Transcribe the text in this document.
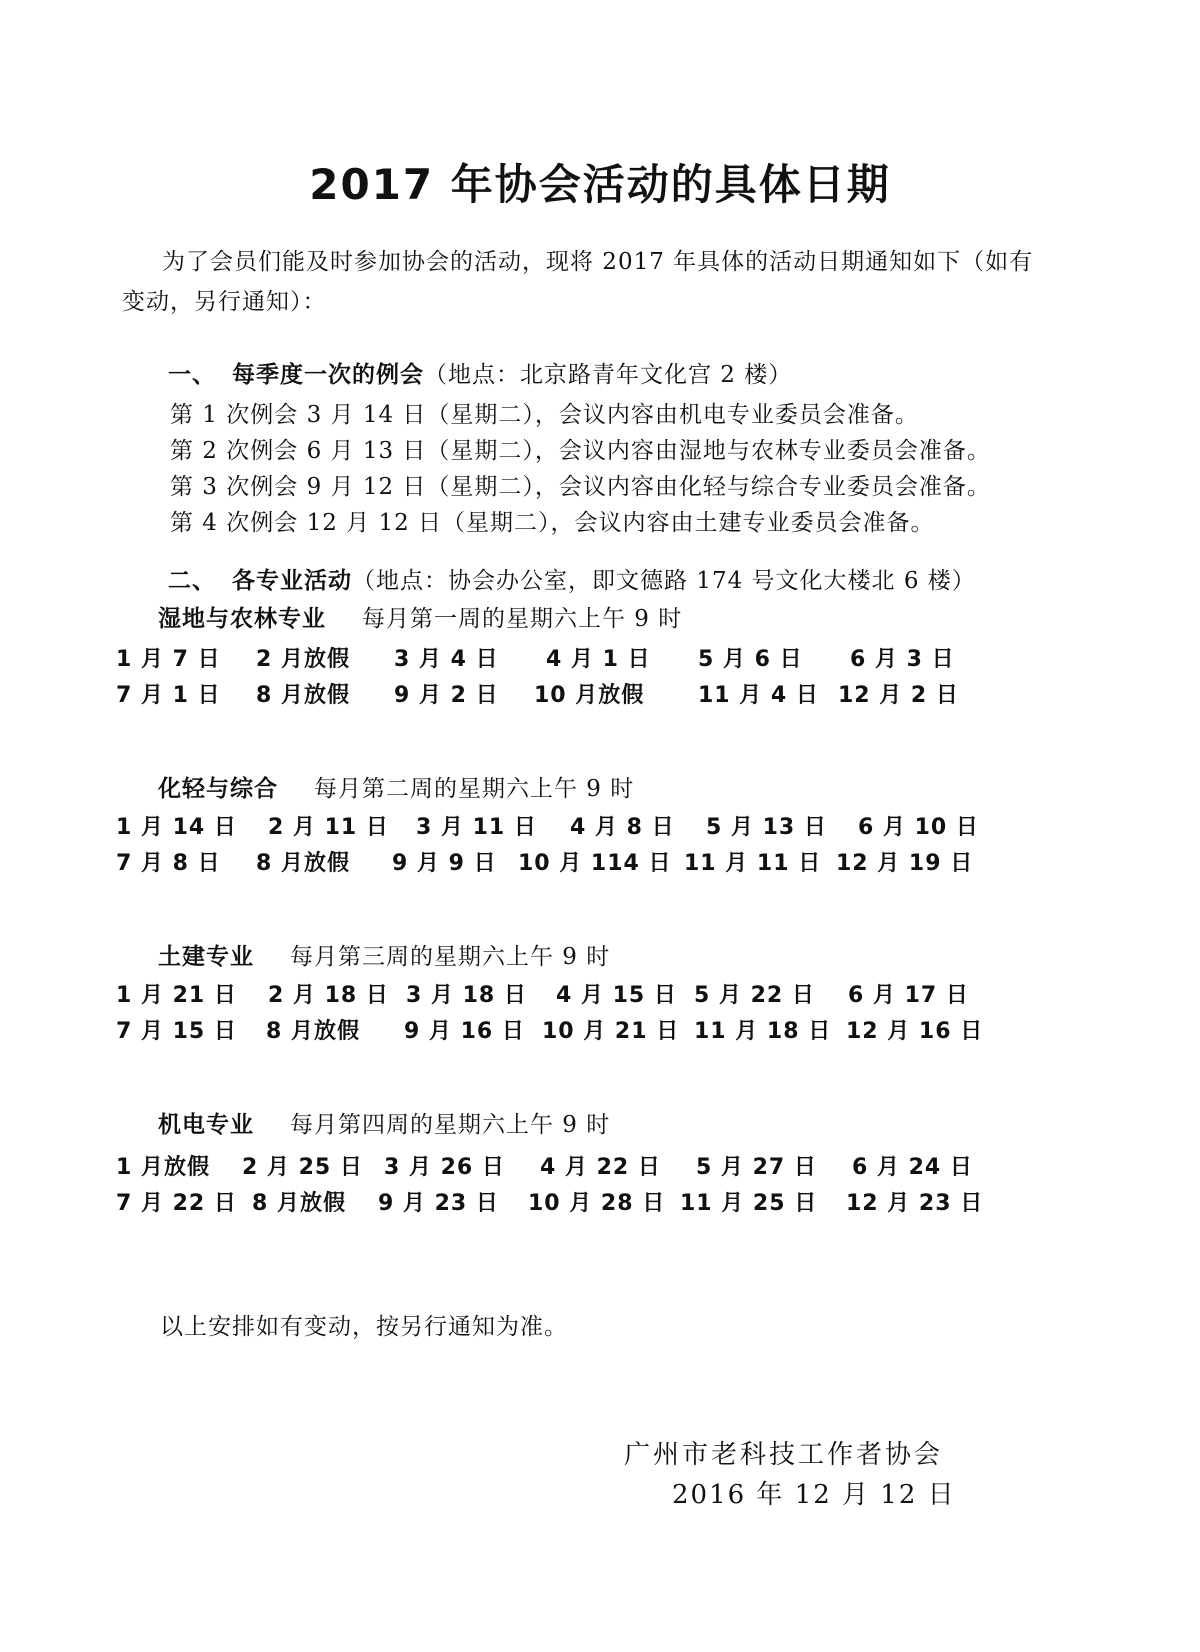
2017 年协会活动的具体日期
为了会员们能及时参加协会的活动，现将 2017 年具体的活动日期通知如下（如有变动，另行通知）：
一、 每季度一次的例会（地点：北京路青年文化宫 2 楼）
第 1 次例会 3 月 14 日（星期二），会议内容由机电专业委员会准备。
第 2 次例会 6 月 13 日（星期二），会议内容由湿地与农林专业委员会准备。
第 3 次例会 9 月 12 日（星期二），会议内容由化轻与综合专业委员会准备。
第 4 次例会 12 月 12 日（星期二），会议内容由土建专业委员会准备。
二、 各专业活动（地点：协会办公室，即文德路 174 号文化大楼北 6 楼）
湿地与农林专业 每月第一周的星期六上午 9 时
1 月 7 日 2 月放假 3 月 4 日 4 月 1 日 5 月 6 日 6 月 3 日
7 月 1 日 8 月放假 9 月 2 日 10 月放假 11 月 4 日 12 月 2 日
化轻与综合 每月第二周的星期六上午 9 时
1 月 14 日 2 月 11 日 3 月 11 日 4 月 8 日 5 月 13 日 6 月 10 日
7 月 8 日 8 月放假 9 月 9 日 10 月 114 日 11 月 11 日 12 月 19 日
土建专业 每月第三周的星期六上午 9 时
1 月 21 日 2 月 18 日 3 月 18 日 4 月 15 日 5 月 22 日 6 月 17 日
7 月 15 日 8 月放假 9 月 16 日 10 月 21 日 11 月 18 日 12 月 16 日
机电专业 每月第四周的星期六上午 9 时
1 月放假 2 月 25 日 3 月 26 日 4 月 22 日 5 月 27 日 6 月 24 日
7 月 22 日 8 月放假 9 月 23 日 10 月 28 日 11 月 25 日 12 月 23 日
以上安排如有变动，按另行通知为准。
广州市老科技工作者协会
2016 年 12 月 12 日
